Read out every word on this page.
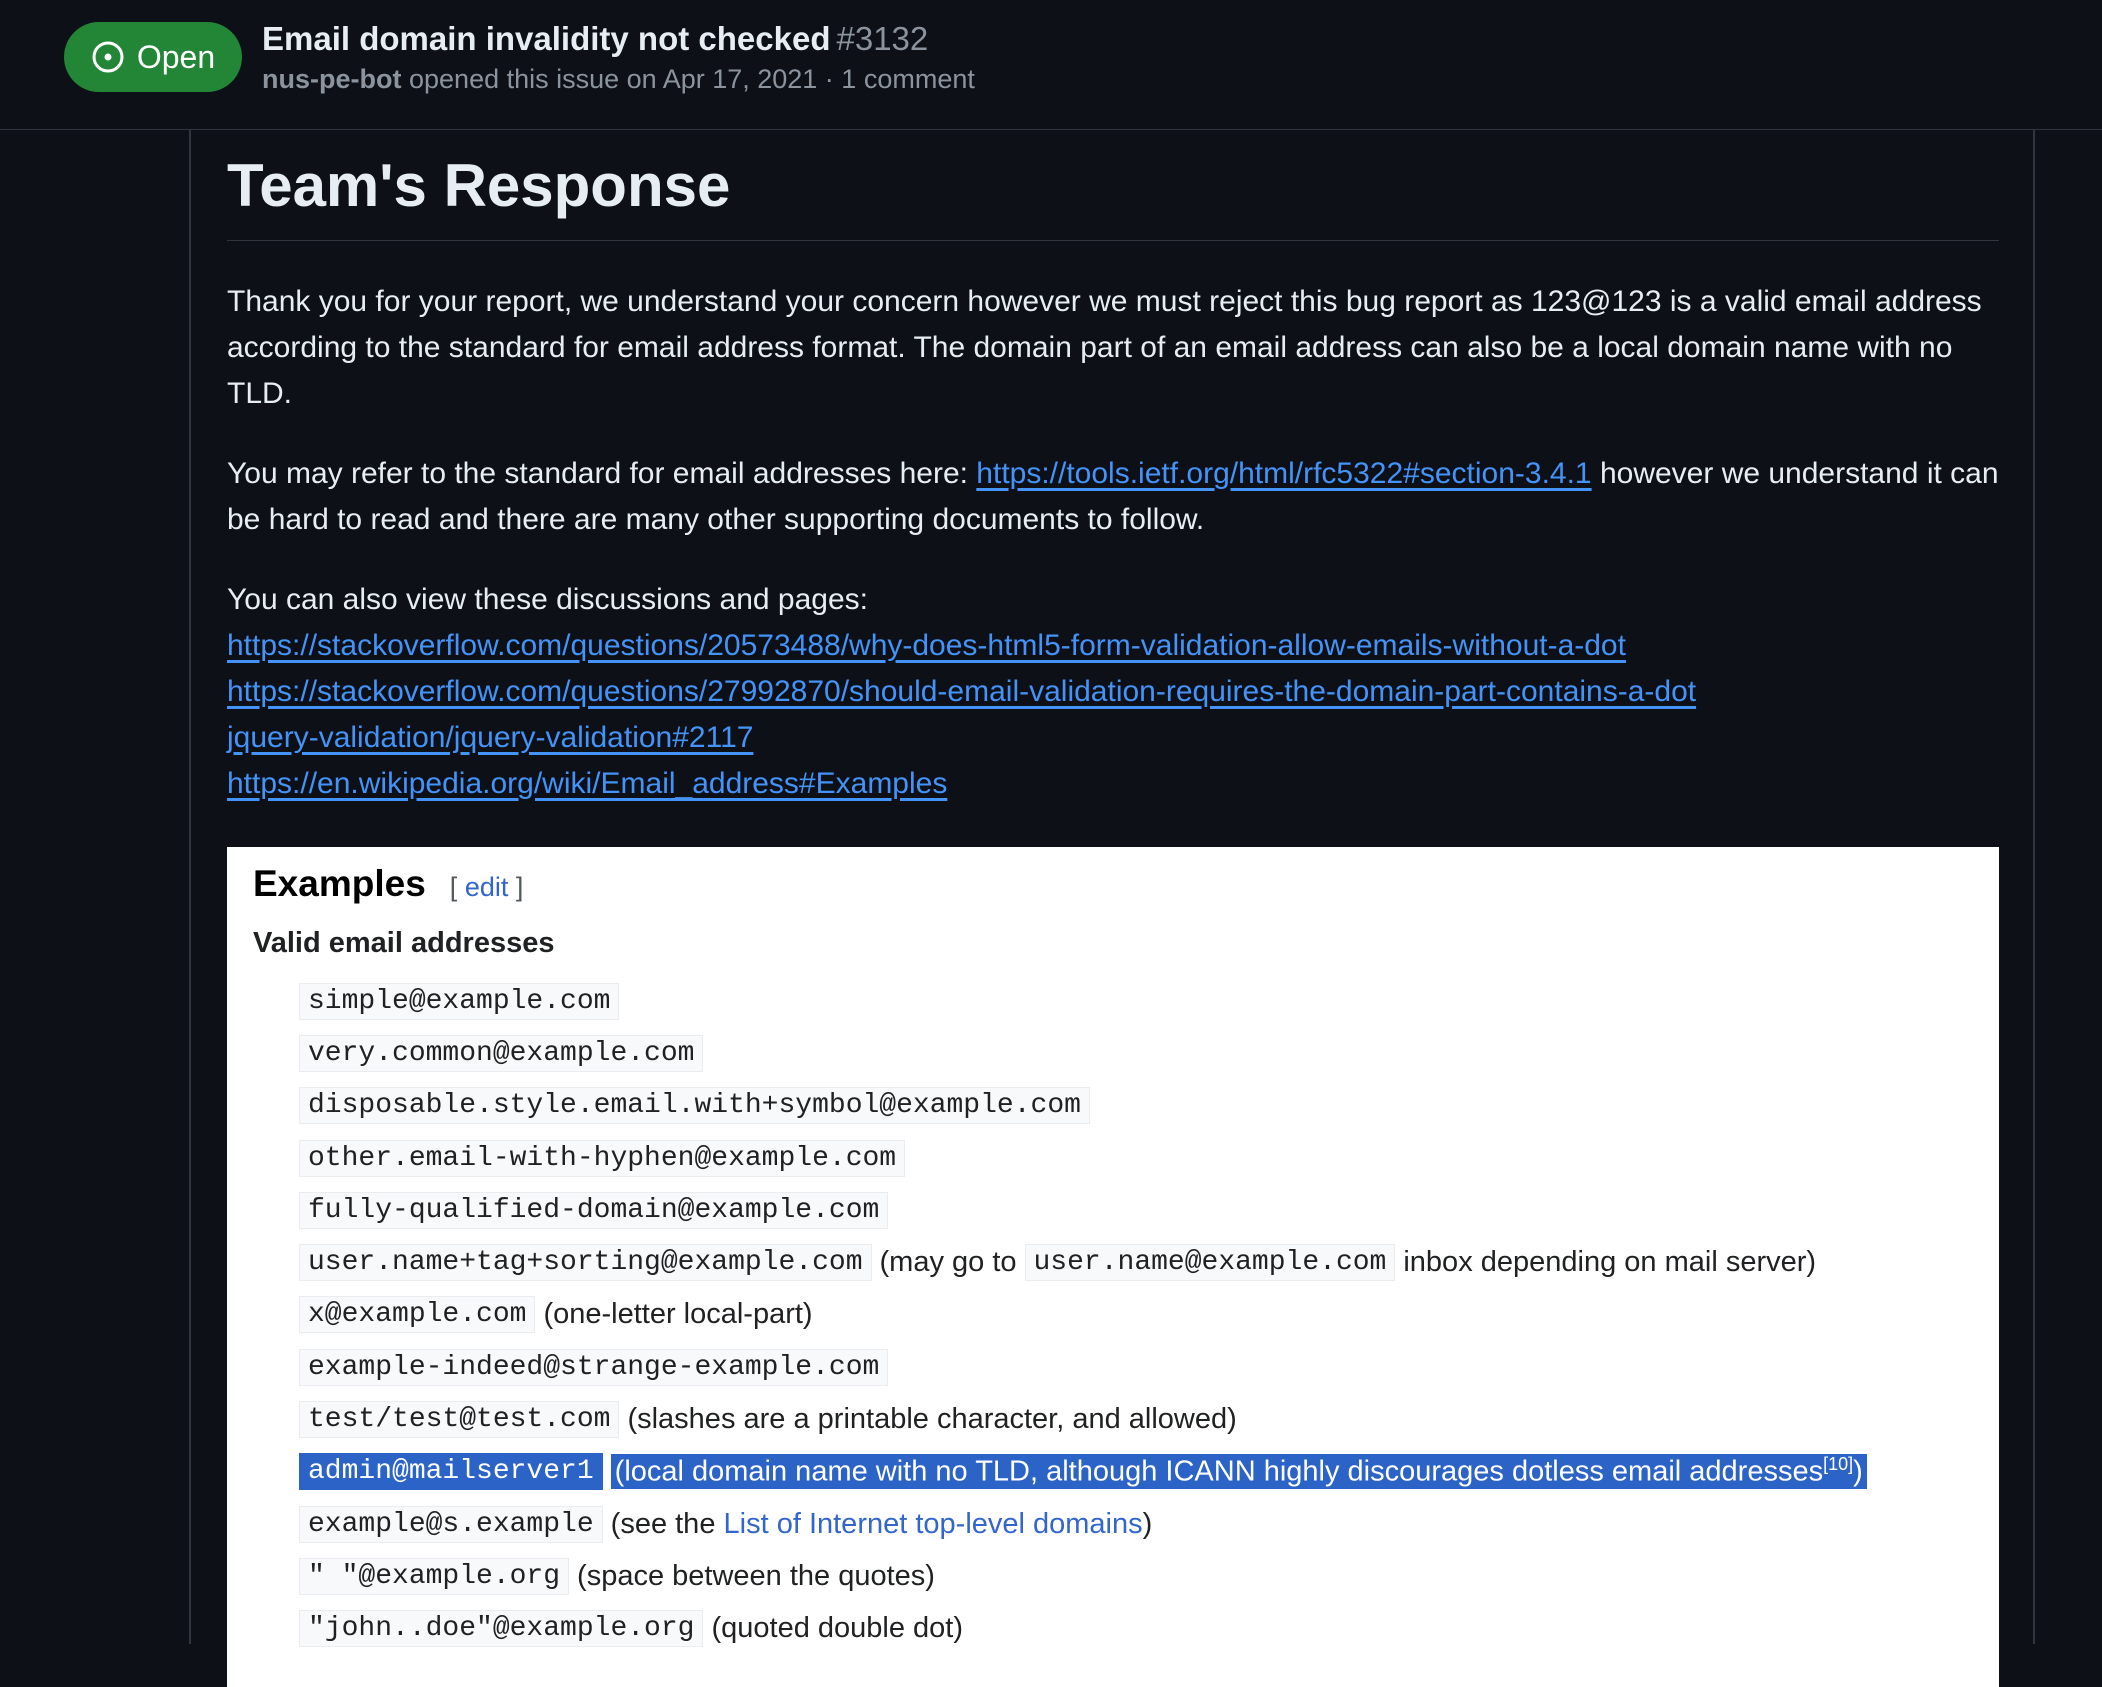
Open Email domain invalidity not checked #3132
nus-pe-bot opened this issue on Apr 17, 2021 · 1 comment
Team's Response

Thank you for your report, we understand your concern however we must reject this bug report as 123@123 is a valid email address according to the standard for email address format. The domain part of an email address can also be a local domain name with no TLD.

You may refer to the standard for email addresses here: https://tools.ietf.org/html/rfc5322#section-3.4.1 however we understand it can be hard to read and there are many other supporting documents to follow.

You can also view these discussions and pages:
https://stackoverflow.com/questions/20573488/why-does-html5-form-validation-allow-emails-without-a-dot
https://stackoverflow.com/questions/27992870/should-email-validation-requires-the-domain-part-contains-a-dot
jquery-validation/jquery-validation#2117
https://en.wikipedia.org/wiki/Email_address#Examples

Examples [ edit ]
Valid email addresses
simple@example.com
very.common@example.com
disposable.style.email.with+symbol@example.com
other.email-with-hyphen@example.com
fully-qualified-domain@example.com
user.name+tag+sorting@example.com (may go to user.name@example.com inbox depending on mail server)
x@example.com (one-letter local-part)
example-indeed@strange-example.com
test/test@test.com (slashes are a printable character, and allowed)
admin@mailserver1 (local domain name with no TLD, although ICANN highly discourages dotless email addresses[10])
example@s.example (see the List of Internet top-level domains)
" "@example.org (space between the quotes)
"john..doe"@example.org (quoted double dot)
